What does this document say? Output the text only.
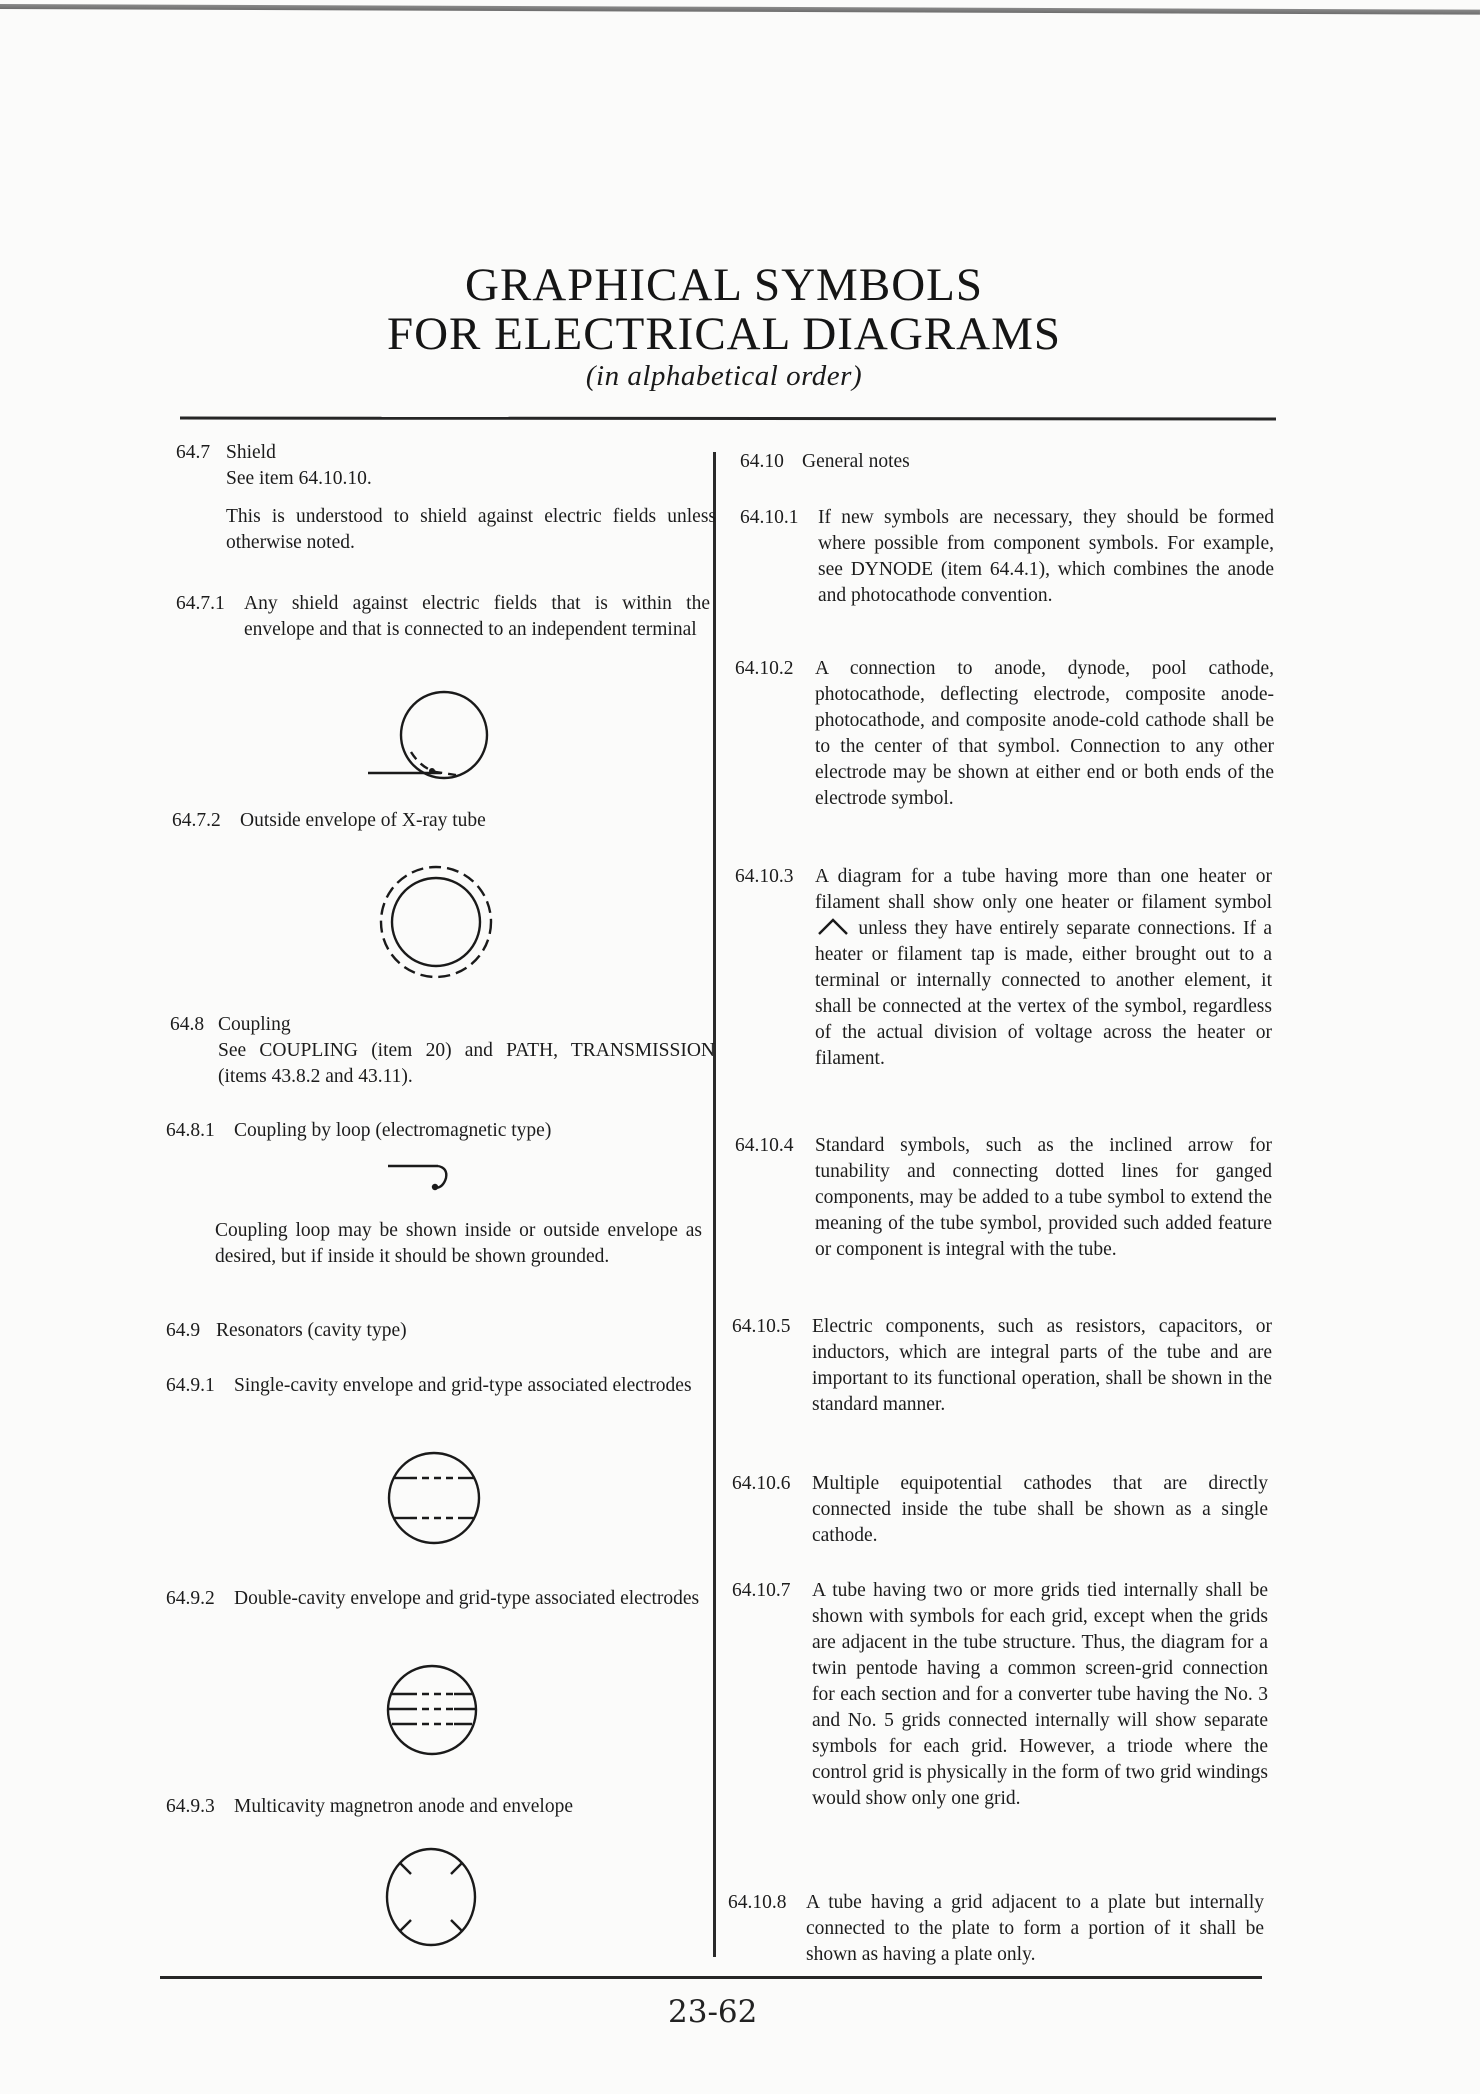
GRAPHICAL SYMBOLS
FOR ELECTRICAL DIAGRAMS
(in alphabetical order)
64.7 Shield
See item 64.10.10.

This is understood to shield against electric fields unless otherwise noted.

64.7.1 Any shield against electric fields that is within the envelope and that is connected to an independent terminal

64.7.2 Outside envelope of X-ray tube

64.8 Coupling

See COUPLING (item 20) and PATH, TRANSMISSION (items 43.8.2 and 43.11).

64.8.1 Coupling by loop (electromagnetic type)

Coupling loop may be shown inside or outside envelope as desired, but if inside it should be shown grounded.

64.9 Resonators (cavity type)

64.9.1 Single-cavity envelope and grid-type associated electrodes

64.9.2 Double-cavity envelope and grid-type associated electrodes

64.9.3 Multicavity magnetron anode and envelope

64.10 General notes

64.10.1	If new symbols are necessary, they should be formed where possible from component symbols. For example, see DYNODE (item 64.4.1), which combines the anode and photocathode convention.

64.10.2	A connection to anode, dynode, pool cathode, photocathode, deflecting electrode, composite anode-photocathode, and composite anode-cold cathode shall be to the center of that symbol. Connection to any other electrode may be shown at either end or both ends of the electrode symbol.

64.10.3	A diagram for a tube having more than one heater or filament shall show only one heater or filament symbol  unless they have entirely separate connections. If a heater or filament tap is made, either brought out to a terminal or internally connected to another element, it shall be connected at the vertex of the symbol, regardless of the actual division of voltage across the heater or filament.

64.10.4	Standard symbols, such as the inclined arrow for tunability and connecting dotted lines for ganged components, may be added to a tube symbol to extend the meaning of the tube symbol, provided such added feature or component is integral with the tube.

64.10.5	Electric components, such as resistors, capacitors, or inductors, which are integral parts of the tube and are important to its functional operation, shall be shown in the standard manner.

64.10.6	Multiple equipotential cathodes that are directly connected inside the tube shall be shown as a single cathode.

64.10.7	A tube having two or more grids tied internally shall be shown with symbols for each grid, except when the grids are adjacent in the tube structure. Thus, the diagram for a twin pentode having a common screen-grid connection for each section and for a converter tube having the No. 3 and No. 5 grids connected internally will show separate symbols for each grid. However, a triode where the control grid is physically in the form of two grid windings would show only one grid.

64.10.8	A tube having a grid adjacent to a plate but internally connected to the plate to form a portion of it shall be shown as having a plate only.

23-62
